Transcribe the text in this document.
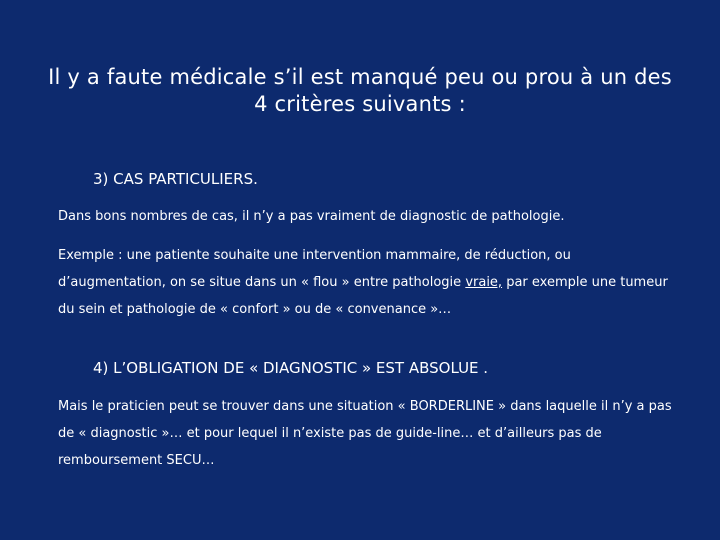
Il y a faute médicale s’il est manqué peu ou prou à un des 4 critères suivants :
3) CAS PARTICULIERS.
Dans bons nombres de cas, il n’y a pas vraiment de diagnostic de pathologie.
Exemple : une patiente souhaite une intervention mammaire, de réduction, ou d’augmentation, on se situe dans un « flou » entre pathologie vraie, par exemple une tumeur du sein et pathologie de « confort » ou de « convenance »…
4) L’OBLIGATION DE « DIAGNOSTIC » EST ABSOLUE .
Mais le praticien peut se trouver dans une situation « BORDERLINE » dans laquelle il n’y a pas de « diagnostic »… et pour lequel il n’existe pas de guide-line… et d’ailleurs pas de remboursement SECU…
